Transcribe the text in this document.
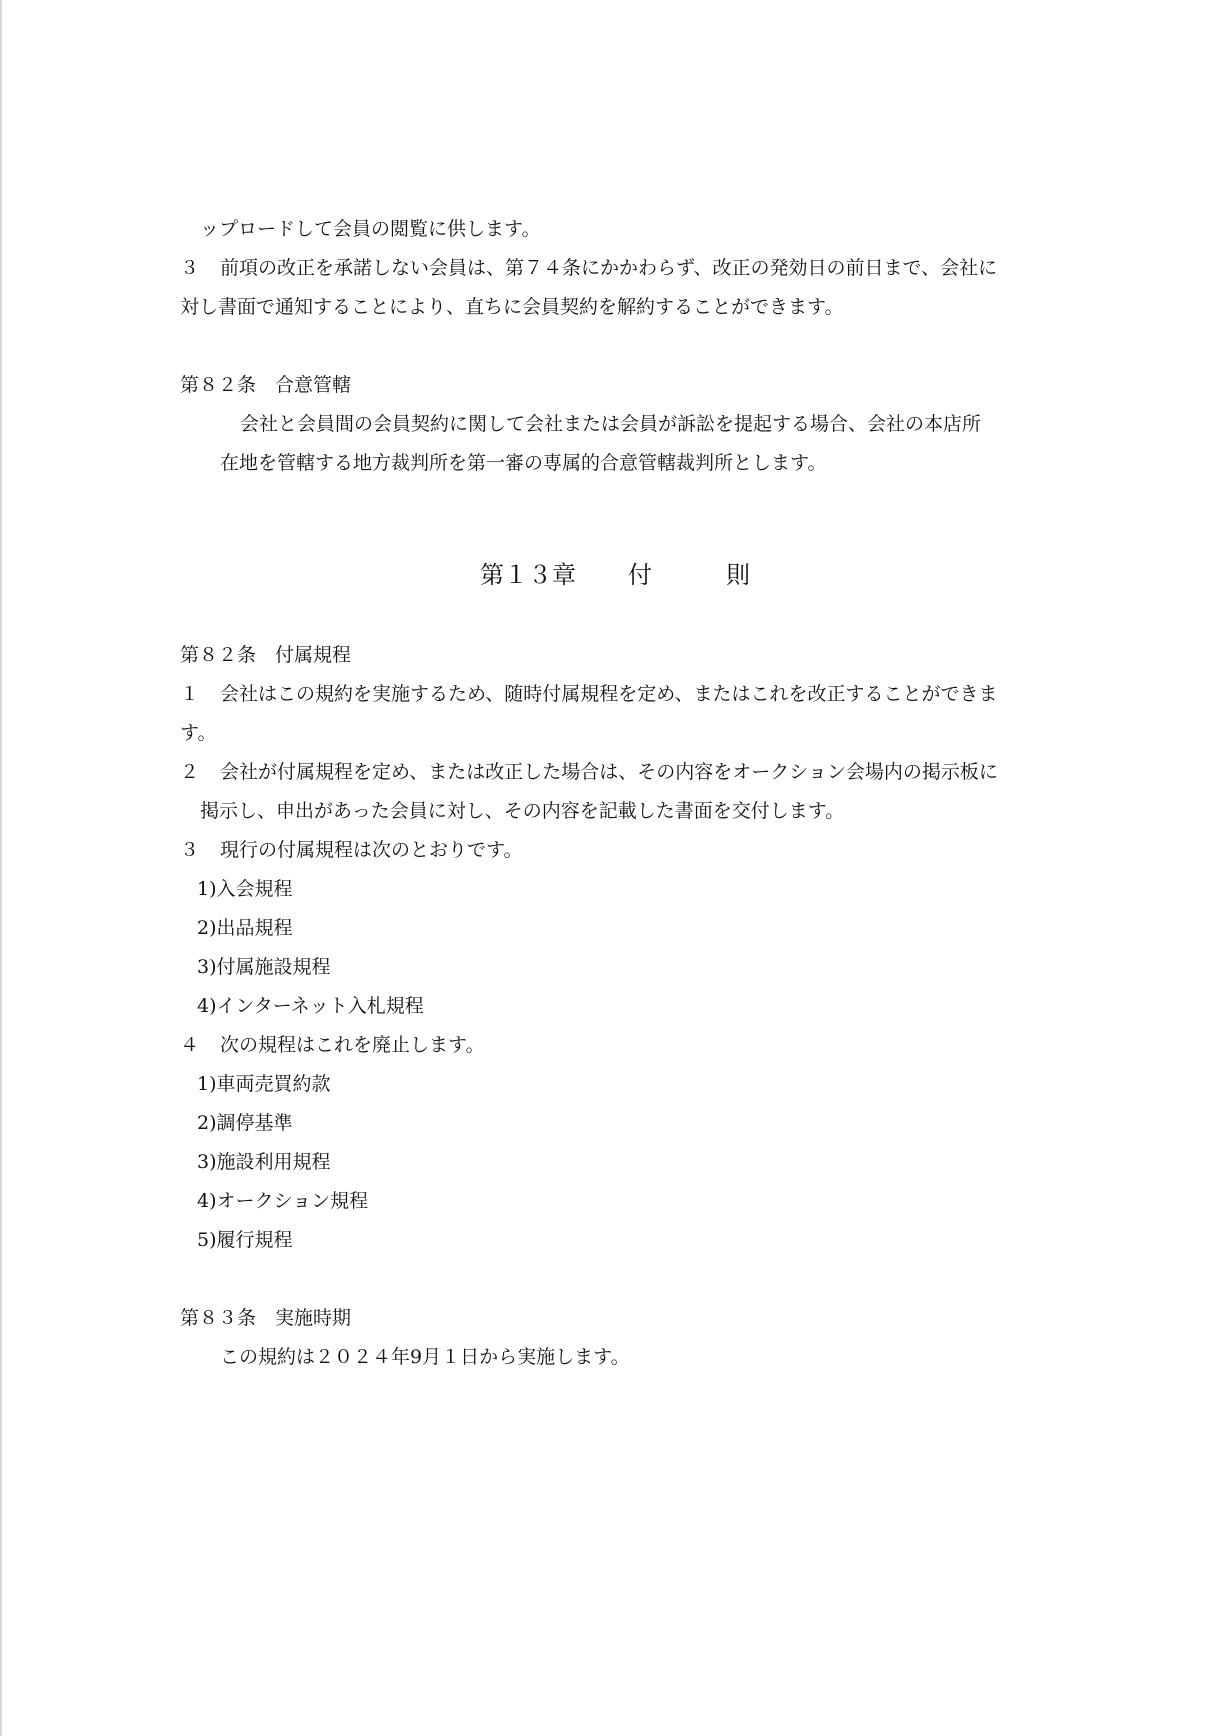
ップロードして会員の閲覧に供します。
３ 前項の改正を承諾しない会員は、第７４条にかかわらず、改正の発効日の前日まで、会社に
対し書面で通知することにより、直ちに会員契約を解約することができます。
第８２条　合意管轄
会社と会員間の会員契約に関して会社または会員が訴訟を提起する場合、会社の本店所
在地を管轄する地方裁判所を第一審の専属的合意管轄裁判所とします。
第１３章 付	則
第８２条　付属規程
１ 会社はこの規約を実施するため、随時付属規程を定め、またはこれを改正することができま
す。
２ 会社が付属規程を定め、または改正した場合は、その内容をオークション会場内の掲示板に
掲示し、申出があった会員に対し、その内容を記載した書面を交付します。
３ 現行の付属規程は次のとおりです。
1)入会規程
2)出品規程
3)付属施設規程
4)インターネット入札規程
４ 次の規程はこれを廃止します。
1)車両売買約款
2)調停基準
3)施設利用規程
4)オークション規程
5)履行規程
第８３条　実施時期
この規約は２０２４年9月１日から実施します。
